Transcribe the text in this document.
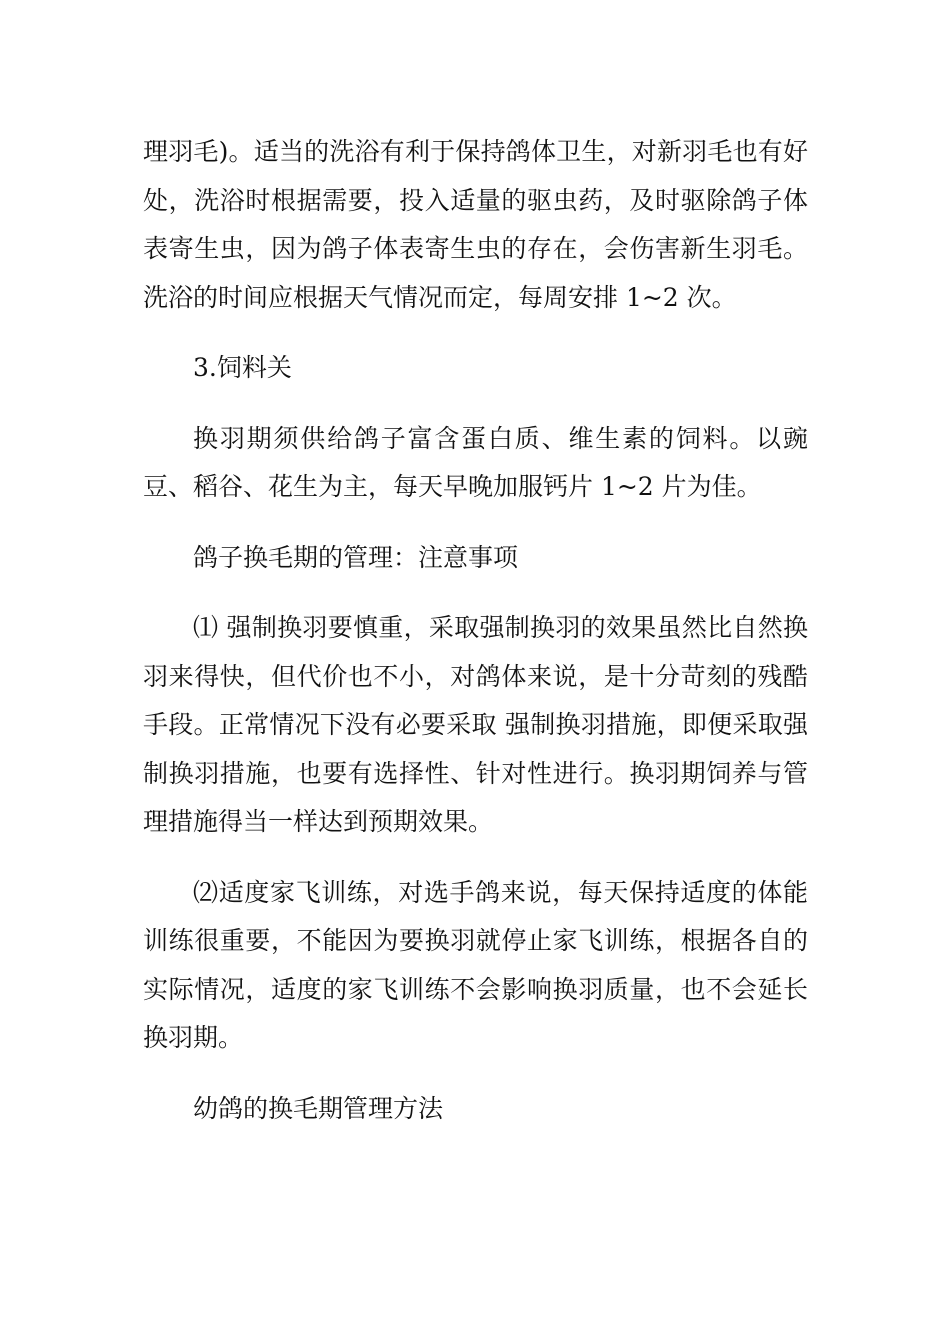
理羽毛)。适当的洗浴有利于保持鸽体卫生，对新羽毛也有好处，洗浴时根据需要，投入适量的驱虫药，及时驱除鸽子体表寄生虫，因为鸽子体表寄生虫的存在，会伤害新生羽毛。洗浴的时间应根据天气情况而定，每周安排 1~2 次。

3.饲料关

换羽期须供给鸽子富含蛋白质、维生素的饲料。以豌豆、稻谷、花生为主，每天早晚加服钙片 1~2 片为佳。

鸽子换毛期的管理：注意事项

⑴ 强制换羽要慎重，采取强制换羽的效果虽然比自然换羽来得快，但代价也不小，对鸽体来说，是十分苛刻的残酷手段。正常情况下没有必要采取 强制换羽措施，即便采取强制换羽措施，也要有选择性、针对性进行。换羽期饲养与管理措施得当一样达到预期效果。

⑵适度家飞训练，对选手鸽来说，每天保持适度的体能训练很重要，不能因为要换羽就停止家飞训练，根据各自的实际情况，适度的家飞训练不会影响换羽质量，也不会延长换羽期。

幼鸽的换毛期管理方法
